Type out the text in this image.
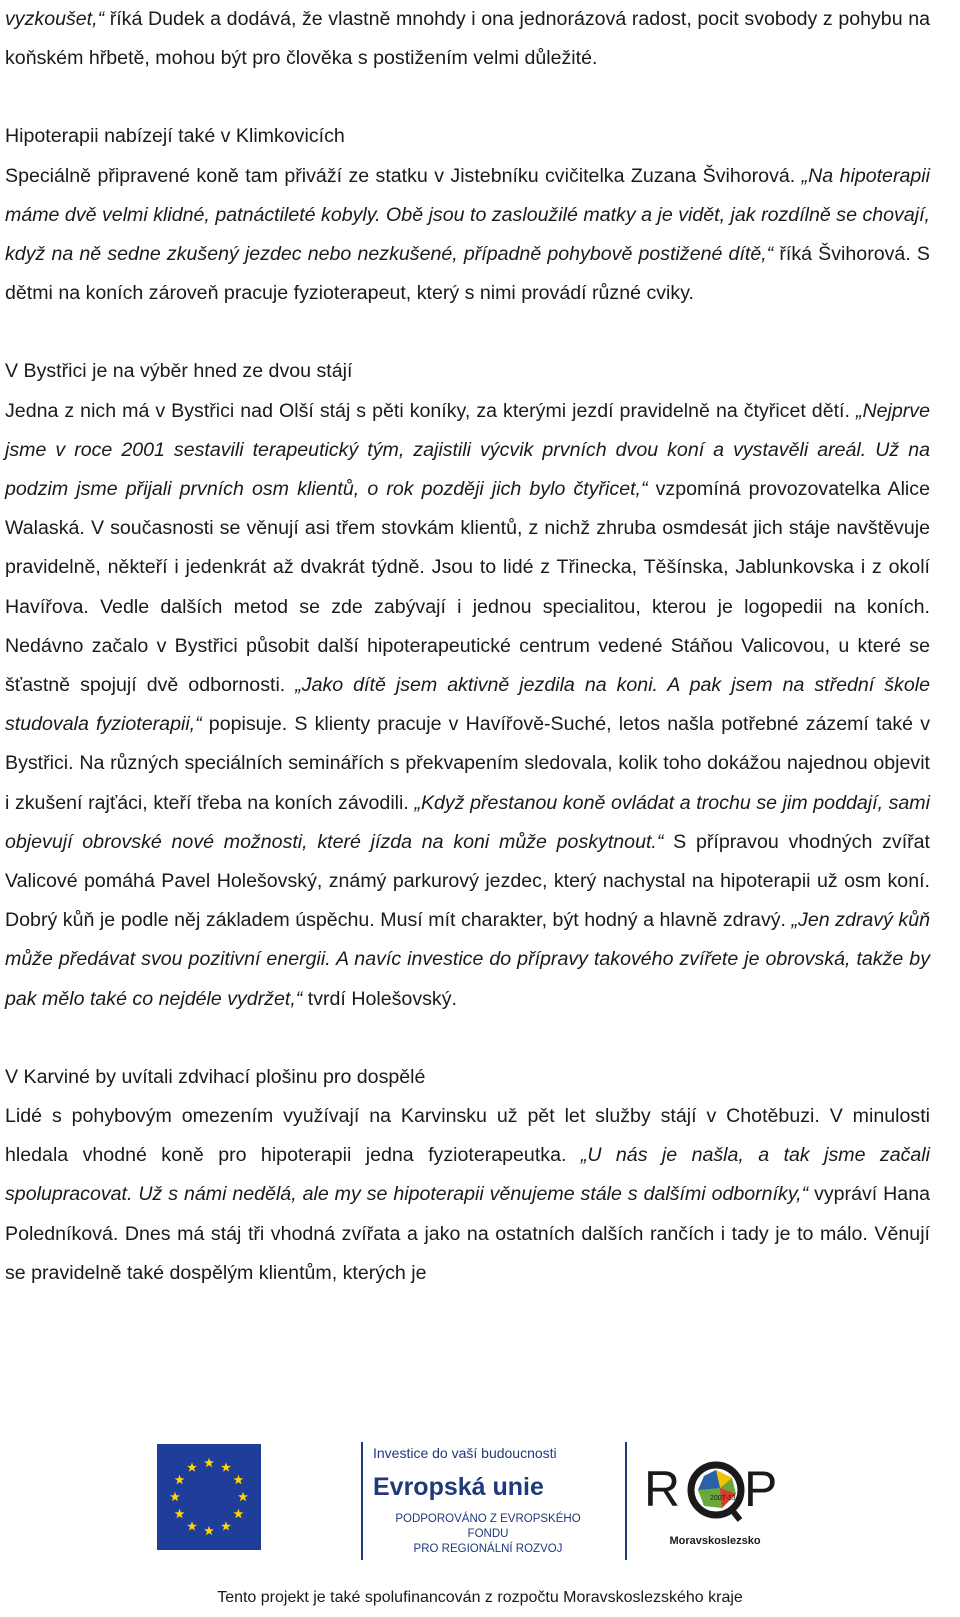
vyzkoušet,“ říká Dudek a dodává, že vlastně mnohdy i ona jednorázová radost, pocit svobody z pohybu na koňském hřbetě, mohou být pro člověka s postižením velmi důležité.

Hipoterapii nabízejí také v Klimkovicích

Speciálně připravené koně tam přiváží ze statku v Jistebníku cvičitelka Zuzana Švihorová. „Na hipoterapii máme dvě velmi klidné, patnáctileté kobyly. Obě jsou to zasloužilé matky a je vidět, jak rozdílně se chovají, když na ně sedne zkušený jezdec nebo nezkušené, případně pohybově postižené dítě,“ říká Švihorová. S dětmi na koních zároveň pracuje fyzioterapeut, který s nimi provádí různé cviky.

V Bystřici je na výběr hned ze dvou stájí

Jedna z nich má v Bystřici nad Olší stáj s pěti koníky, za kterými jezdí pravidelně na čtyřicet dětí. „Nejprve jsme v roce 2001 sestavili terapeutický tým, zajistili výcvik prvních dvou koní a vystavěli areál. Už na podzim jsme přijali prvních osm klientů, o rok později jich bylo čtyřicet,“ vzpomíná provozovatelka Alice Walaská. V současnosti se věnují asi třem stovkám klientů, z nichž zhruba osmdesát jich stáje navštěvuje pravidelně, někteří i jedenkrát až dvakrát týdně. Jsou to lidé z Třinecka, Těšínska, Jablunkovska i z okolí Havířova. Vedle dalších metod se zde zabývají i jednou specialitou, kterou je logopedii na koních. Nedávno začalo v Bystřici působit další hipoterapeutické centrum vedené Stáňou Valicovou, u které se šťastně spojují dvě odbornosti. „Jako dítě jsem aktivně jezdila na koni. A pak jsem na střední škole studovala fyzioterapii,“ popisuje. S klienty pracuje v Havířově-Suché, letos našla potřebné zázemí také v Bystřici. Na různých speciálních seminářích s překvapením sledovala, kolik toho dokážou najednou objevit i zkušení rajťáci, kteří třeba na koních závodili. „Když přestanou koně ovládat a trochu se jim poddají, sami objevují obrovské nové možnosti, které jízda na koni může poskytnout.“ S přípravou vhodných zvířat Valicové pomáhá Pavel Holešovský, známý parkurový jezdec, který nachystal na hipoterapii už osm koní. Dobrý kůň je podle něj základem úspěchu. Musí mít charakter, být hodný a hlavně zdravý. „Jen zdravý kůň může předávat svou pozitivní energii. A navíc investice do přípravy takového zvířete je obrovská, takže by pak mělo také co nejdéle vydržet,“ tvrdí Holešovský.

V Karviné by uvítali zdvihací plošinu pro dospělé

Lidé s pohybovým omezením využívají na Karvinsku už pět let služby stájí v Chotěbuzi. V minulosti hledala vhodné koně pro hipoterapii jedna fyzioterapeutka. „U nás je našla, a tak jsme začali spolupracovat. Už s námi nedělá, ale my se hipoterapii věnujeme stále s dalšími odborníky,“ vypráví Hana Poledníková. Dnes má stáj tři vhodná zvířata a jako na ostatních dalších rančích i tady je to málo. Věnují se pravidelně také dospělým klientům, kterých je

Investice do vaší budoucnosti
Evropská unie
PODPOROVÁNO Z EVROPSKÉHO FONDU
PRO REGIONÁLNÍ ROZVOJ
R P
2007-13
Moravskoslezsko
Tento projekt je také spolufinancován z rozpočtu Moravskoslezského kraje
